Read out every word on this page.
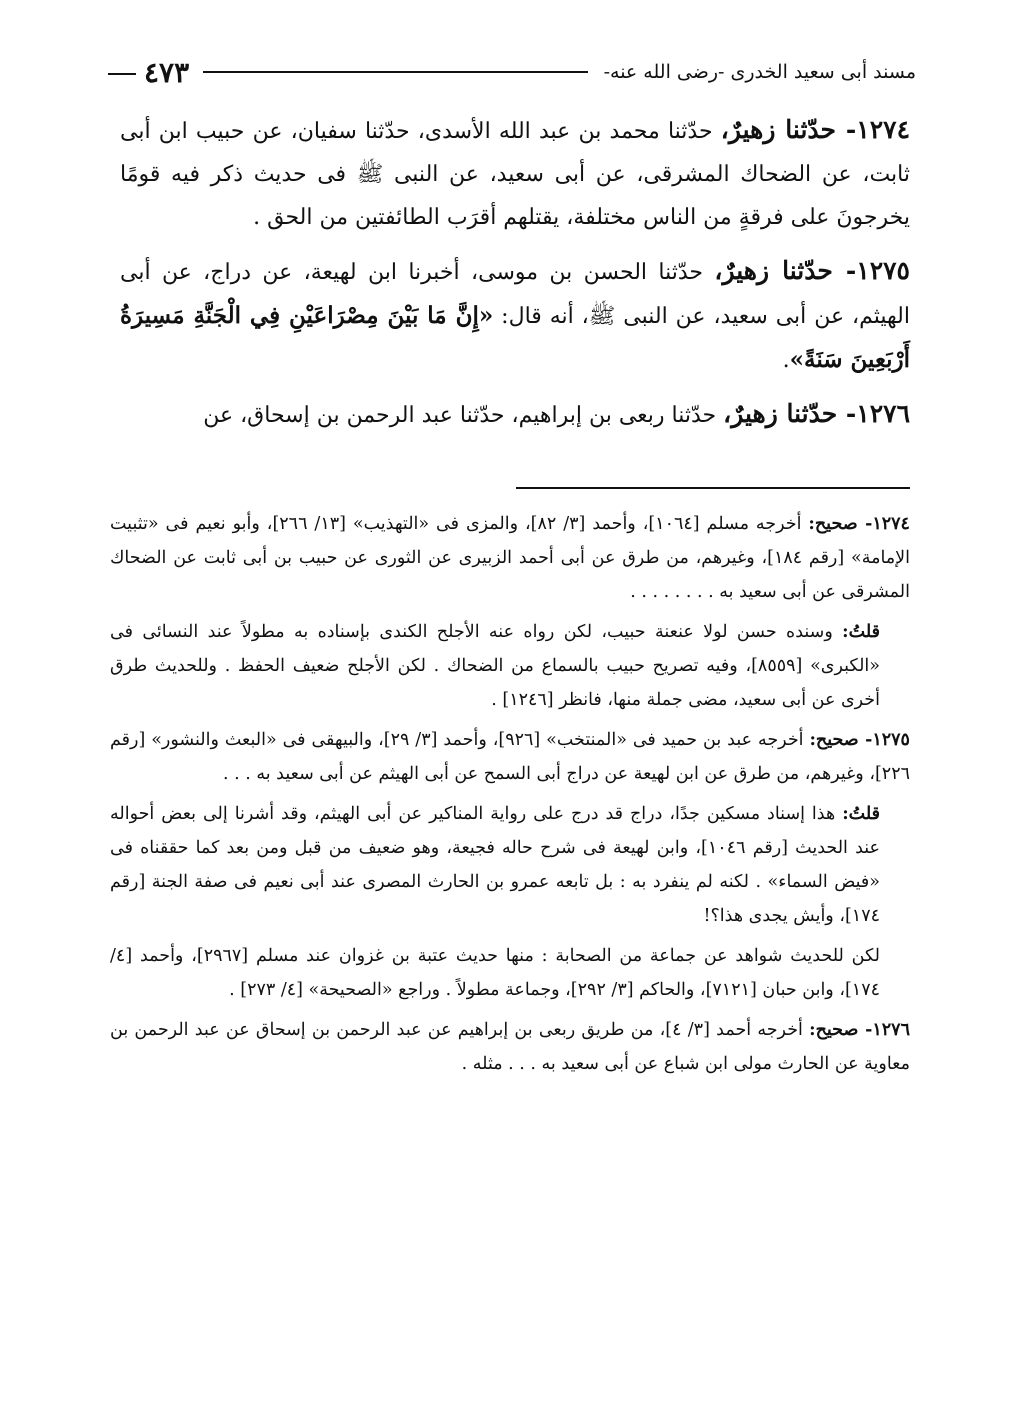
مسند أبى سعيد الخدرى -رضى الله عنه-
٤٧٣

١٢٧٤- حدّثنا زهيرٌ، حدّثنا محمد بن عبد الله الأسدى، حدّثنا سفيان، عن حبيب ابن أبى ثابت، عن الضحاك المشرقى، عن أبى سعيد، عن النبى ﷺ فى حديث ذكر فيه قومًا يخرجونَ على فرقةٍ من الناس مختلفة، يقتلهم أقرَب الطائفتين من الحق .

١٢٧٥- حدّثنا زهيرٌ، حدّثنا الحسن بن موسى، أخبرنا ابن لهيعة، عن دراج، عن أبى الهيثم، عن أبى سعيد، عن النبى ﷺ، أنه قال: «إِنَّ مَا بَيْنَ مِصْرَاعَيْنِ فِي الْجَنَّةِ مَسِيرَةُ أَرْبَعِينَ سَنَةً».

١٢٧٦- حدّثنا زهيرٌ، حدّثنا ربعى بن إبراهيم، حدّثنا عبد الرحمن بن إسحاق، عن

١٢٧٤- صحيح: أخرجه مسلم [١٠٦٤]، وأحمد [٣/ ٨٢]، والمزى فى «التهذيب» [١٣/ ٢٦٦]، وأبو نعيم فى «تثبيت الإمامة» [رقم ١٨٤]، وغيرهم، من طرق عن أبى أحمد الزبيرى عن الثورى عن حبيب بن أبى ثابت عن الضحاك المشرقى عن أبى سعيد به . . . . . . . .

قلتُ: وسنده حسن لولا عنعنة حبيب، لكن رواه عنه الأجلح الكندى بإسناده به مطولاً عند النسائى فى «الكبرى» [٨٥٥٩]، وفيه تصريح حبيب بالسماع من الضحاك . لكن الأجلح ضعيف الحفظ . وللحديث طرق أخرى عن أبى سعيد، مضى جملة منها، فانظر [١٢٤٦] .

١٢٧٥- صحيح: أخرجه عبد بن حميد فى «المنتخب» [٩٢٦]، وأحمد [٣/ ٢٩]، والبيهقى فى «البعث والنشور» [رقم ٢٢٦]، وغيرهم، من طرق عن ابن لهيعة عن دراج أبى السمح عن أبى الهيثم عن أبى سعيد به . . .

قلتُ: هذا إسناد مسكين جدًا، دراج قد درج على رواية المناكير عن أبى الهيثم، وقد أشرنا إلى بعض أحواله عند الحديث [رقم ١٠٤٦]، وابن لهيعة فى شرح حاله فجيعة، وهو ضعيف من قبل ومن بعد كما حققناه فى «فيض السماء» . لكنه لم ينفرد به : بل تابعه عمرو بن الحارث المصرى عند أبى نعيم فى صفة الجنة [رقم ١٧٤]، وأيش يجدى هذا؟!

لكن للحديث شواهد عن جماعة من الصحابة : منها حديث عتبة بن غزوان عند مسلم [٢٩٦٧]، وأحمد [٤/ ١٧٤]، وابن حبان [٧١٢١]، والحاكم [٣/ ٢٩٢]، وجماعة مطولاً . وراجع «الصحيحة» [٤/ ٢٧٣] .

١٢٧٦- صحيح: أخرجه أحمد [٣/ ٤]، من طريق ربعى بن إبراهيم عن عبد الرحمن بن إسحاق عن عبد الرحمن بن معاوية عن الحارث مولى ابن شباع عن أبى سعيد به . . . مثله .
